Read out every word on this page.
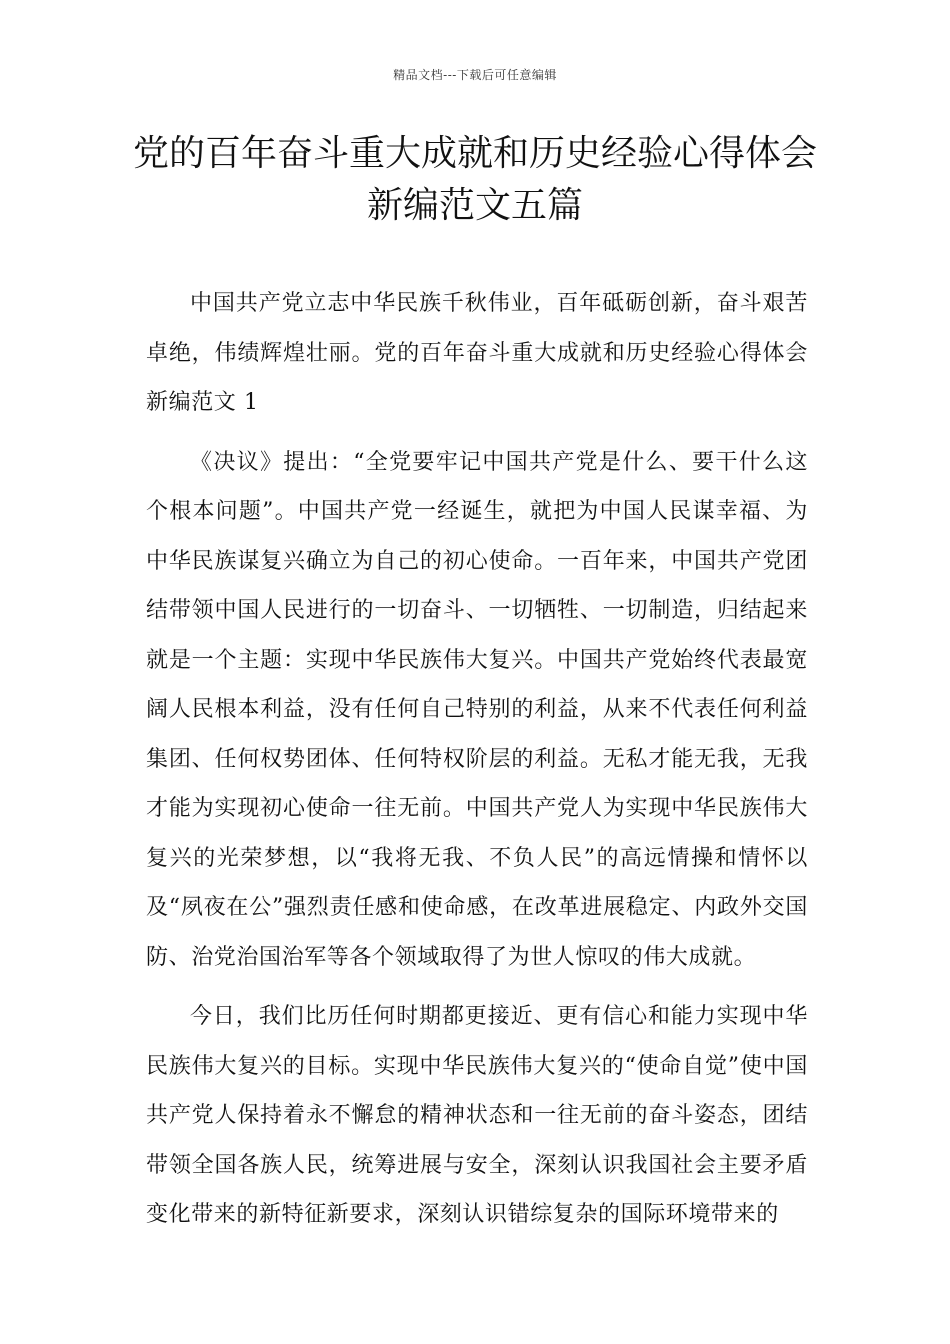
精品文档---下载后可任意编辑
党的百年奋斗重大成就和历史经验心得体会新编范文五篇

中国共产党立志中华民族千秋伟业，百年砥砺创新，奋斗艰苦卓绝，伟绩辉煌壮丽。党的百年奋斗重大成就和历史经验心得体会新编范文 1

《决议》提出：“全党要牢记中国共产党是什么、要干什么这个根本问题”。中国共产党一经诞生，就把为中国人民谋幸福、为中华民族谋复兴确立为自己的初心使命。一百年来，中国共产党团结带领中国人民进行的一切奋斗、一切牺牲、一切制造，归结起来就是一个主题：实现中华民族伟大复兴。中国共产党始终代表最宽阔人民根本利益，没有任何自己特别的利益，从来不代表任何利益集团、任何权势团体、任何特权阶层的利益。无私才能无我，无我才能为实现初心使命一往无前。中国共产党人为实现中华民族伟大复兴的光荣梦想，以“我将无我、不负人民”的高远情操和情怀以及“夙夜在公”强烈责任感和使命感，在改革进展稳定、内政外交国防、治党治国治军等各个领域取得了为世人惊叹的伟大成就。

今日，我们比历任何时期都更接近、更有信心和能力实现中华民族伟大复兴的目标。实现中华民族伟大复兴的“使命自觉”使中国共产党人保持着永不懈怠的精神状态和一往无前的奋斗姿态，团结带领全国各族人民，统筹进展与安全，深刻认识我国社会主要矛盾变化带来的新特征新要求，深刻认识错综复杂的国际环境带来的
